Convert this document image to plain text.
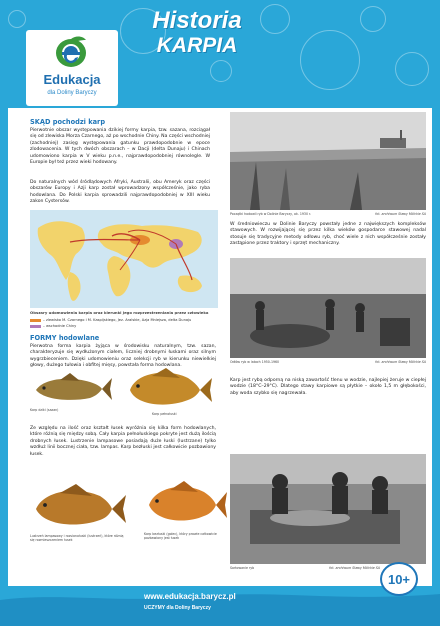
Edukacja
dla Doliny Baryczy
Historia
KARPIA
SKĄD pochodzi karp
Pierwotnie obszar występowania dzikiej formy karpia, tzw. sazana, rozciągał się od zlewiska Morza Czarnego, aż po wschodnie Chiny. Na części wschodniej (zachodniej) zasięg występowania gatunku prawdopodobnie w epoce zlodowacenia. W tych dwóch obszarach – w Dacji (delta Dunaju) i Chinach udomowiono karpia w V wieku p.n.e., najprawdopodobniej równolegle. W Europie był też przez wieki hodowany.
Do naturalnych wód śródlądowych Afryki, Australii, obu Ameryk oraz części obszarów Europy i Azji karp został wprowadzony współcześnie, jako ryba hodowlana. Do Polski karpia sprowadzili najprawdopodobniej w XIII wieku zakon Cystersów.
Obszary udomowienia karpia oraz kierunki jego rozprzestrzeniania przez człowieka
– zlewisko M. Czarnego i M. Kaspijskiego, Jez. Aralskie, Azja Mniejsza, delta Dunaju
– wschodnie Chiny
FORMY hodowlane
Pierwotna forma karpia żyjąca w środowisku naturalnym, tzw. sazan, charakteryzuje się wydłużonym ciałem, liczniej drobnymi łuskami oraz silnym wygrzbieceniem. Dzięki udomowieniu oraz selekcji ryb w kierunku niewielkiej głowy, dużego tułowia i obfitej mięsy, powstała forma hodowlana.
Karp dziki (sazan)
Karp pełnołuski
Ze względu na ilość oraz kształt łusek wyróżnia się kilka form hodowlanych, które różnią się między sobą. Cały karpia pełnołuskiego pokryte jest dużą ilością drobnych łusek. Lustrzenie lampasowe posiadają duże łuski (lustrzane) tylko wzdłuż linii bocznej ciała, tzw. lampas. Karp bezłuski jest całkowicie pozbawiony łusek.
Lustrzeń lampasowy i rozsianołuski (lustrzeń), które różnią się rozmieszczeniem łusek
Karp bezłuski (golec), który prawie całkowicie pozbawiony jest łusek
Początki hodowli ryb w Dolinie Baryczy, ok. 1930 r.	fot. archiwum Stawy Milickie SA
W średniowieczu w Dolinie Baryczy powstały jedne z największych kompleksów stawowych. W rozwijającej się przez kilka wieków gospodarce stawowej nadal stosuje się tradycyjne metody odłowu ryb, choć wiele z nich współcześnie zostały zastąpione przez traktory i sprzęt mechaniczny.
Odłów ryb w latach 1950-1960	fot. archiwum Stawy Milickie SA
Karp jest rybą odporną na niską zawartość tlenu w wodzie, najlepiej żeruje w ciepłej wodzie (18°C–29°C). Dlatego stawy karpiowe są płytkie – około 1,5 m głębokości, aby woda szybko się nagrzewała.
Sortowanie ryb	fot. archiwum Stawy Milickie SA
www.edukacja.barycz.pl
UCZYMY dla Doliny Baryczy
10+
